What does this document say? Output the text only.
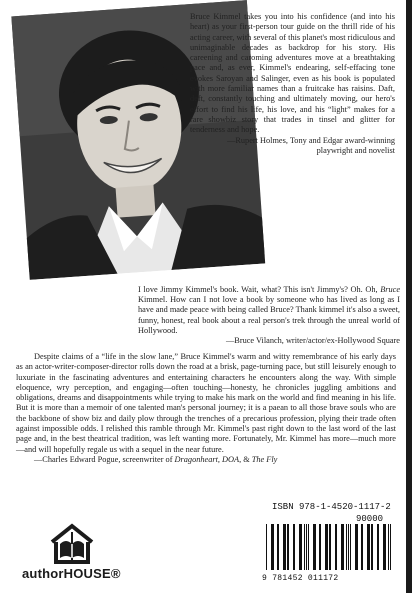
Bruce Kimmel takes you into his confidence (and into his heart) as your first-person tour guide on the thrill ride of his acting career, with several of this planet's most ridiculous and unimaginable decades as backdrop for his story. His careening and caroming adventures move at a breathtaking pace and, as ever, Kimmel's endearing, self-effacing tone evokes Saroyan and Salinger, even as his book is populated with more familiar names than a fruitcake has raisins. Daft, deft, constantly touching and ultimately moving, our hero's effort to find his life, his love, and his “light” makes for a rare showbiz story that trades in tinsel and glitter for tenderness and hope.
—Rupert Holmes, Tony and Edgar award-winning playwright and novelist
I love Jimmy Kimmel's book. Wait, what? This isn't Jimmy's? Oh. Oh, Bruce Kimmel. How can I not love a book by someone who has lived as long as I have and made peace with being called Bruce? Thank kimmel it's also a sweet, funny, honest, real book about a real person's trek through the unreal world of Hollywood.
—Bruce Vilanch, writer/actor/ex-Hollywood Square
Despite claims of a “life in the slow lane,” Bruce Kimmel's warm and witty remembrance of his early days as an actor-writer-composer-director rolls down the road at a brisk, page-turning pace, but still leisurely enough to luxuriate in the fascinating adventures and entertaining characters he encounters along the way. With simple eloquence, wry perception, and engaging—often touching—honesty, he chronicles juggling ambitions and obligations, dreams and disappointments while trying to make his mark on the world and find meaning in his life. But it is more than a memoir of one talented man's personal journey; it is a paean to all those brave souls who are the backbone of show biz and daily plow through the trenches of a precarious profession, plying their trade often against impossible odds. I relished this ramble through Mr. Kimmel's past right down to the last word of the last page and, in the best theatrical tradition, was left wanting more. Fortunately, Mr. Kimmel has more—much more—and will hopefully regale us with a sequel in the near future.
—Charles Edward Pogue, screenwriter of Dragonheart, DOA, & The Fly
authorHOUSE®
ISBN 978-1-4520-1117-2
90000
9 781452 011172
